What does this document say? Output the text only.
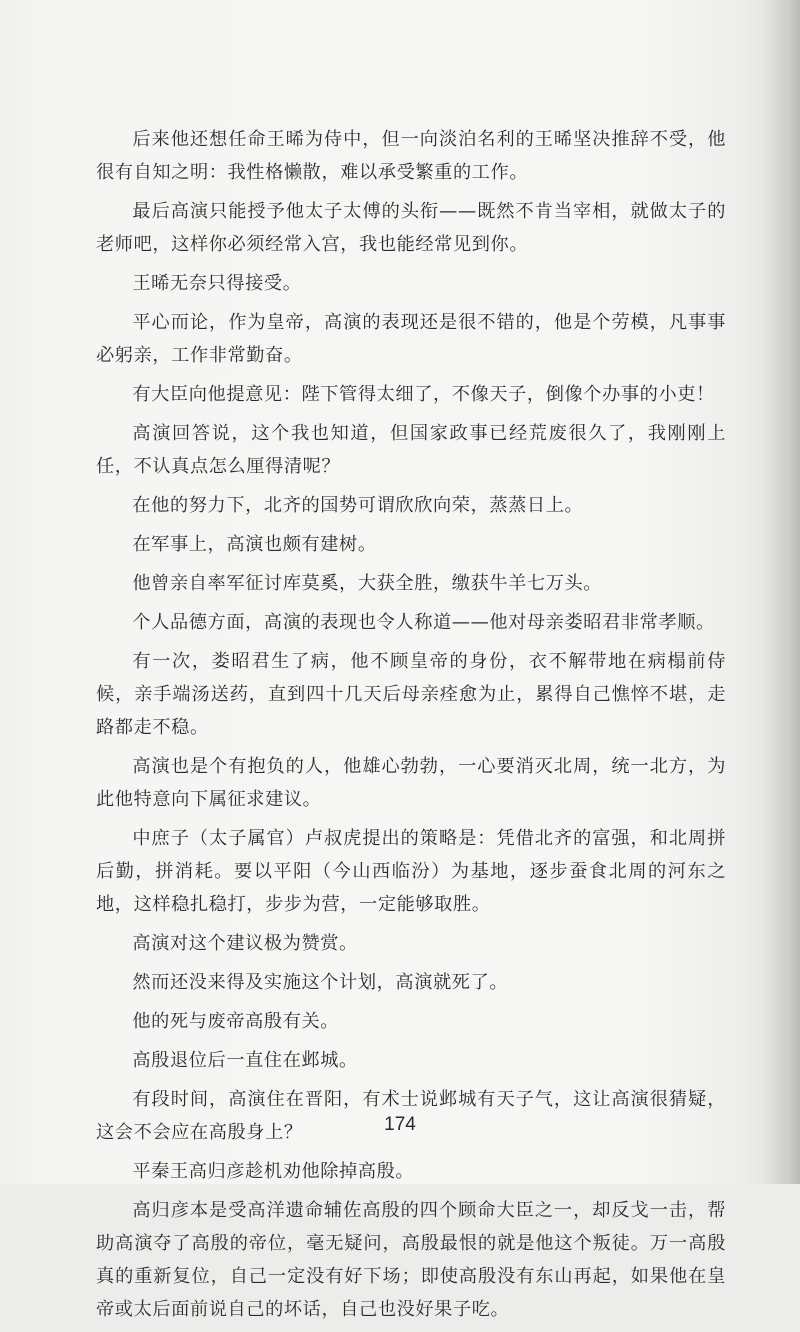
后来他还想任命王晞为侍中，但一向淡泊名利的王晞坚决推辞不受，他很有自知之明：我性格懒散，难以承受繁重的工作。

最后高演只能授予他太子太傅的头衔——既然不肯当宰相，就做太子的老师吧，这样你必须经常入宫，我也能经常见到你。

王晞无奈只得接受。

平心而论，作为皇帝，高演的表现还是很不错的，他是个劳模，凡事事必躬亲，工作非常勤奋。

有大臣向他提意见：陛下管得太细了，不像天子，倒像个办事的小吏！

高演回答说，这个我也知道，但国家政事已经荒废很久了，我刚刚上任，不认真点怎么厘得清呢？

在他的努力下，北齐的国势可谓欣欣向荣，蒸蒸日上。

在军事上，高演也颇有建树。

他曾亲自率军征讨库莫奚，大获全胜，缴获牛羊七万头。

个人品德方面，高演的表现也令人称道——他对母亲娄昭君非常孝顺。

有一次，娄昭君生了病，他不顾皇帝的身份，衣不解带地在病榻前侍候，亲手端汤送药，直到四十几天后母亲痊愈为止，累得自己憔悴不堪，走路都走不稳。

高演也是个有抱负的人，他雄心勃勃，一心要消灭北周，统一北方，为此他特意向下属征求建议。

中庶子（太子属官）卢叔虎提出的策略是：凭借北齐的富强，和北周拼后勤，拼消耗。要以平阳（今山西临汾）为基地，逐步蚕食北周的河东之地，这样稳扎稳打，步步为营，一定能够取胜。

高演对这个建议极为赞赏。

然而还没来得及实施这个计划，高演就死了。

他的死与废帝高殷有关。

高殷退位后一直住在邺城。

有段时间，高演住在晋阳，有术士说邺城有天子气，这让高演很猜疑，这会不会应在高殷身上？

平秦王高归彦趁机劝他除掉高殷。

高归彦本是受高洋遗命辅佐高殷的四个顾命大臣之一，却反戈一击，帮助高演夺了高殷的帝位，毫无疑问，高殷最恨的就是他这个叛徒。万一高殷真的重新复位，自己一定没有好下场；即使高殷没有东山再起，如果他在皇帝或太后面前说自己的坏话，自己也没好果子吃。

174
